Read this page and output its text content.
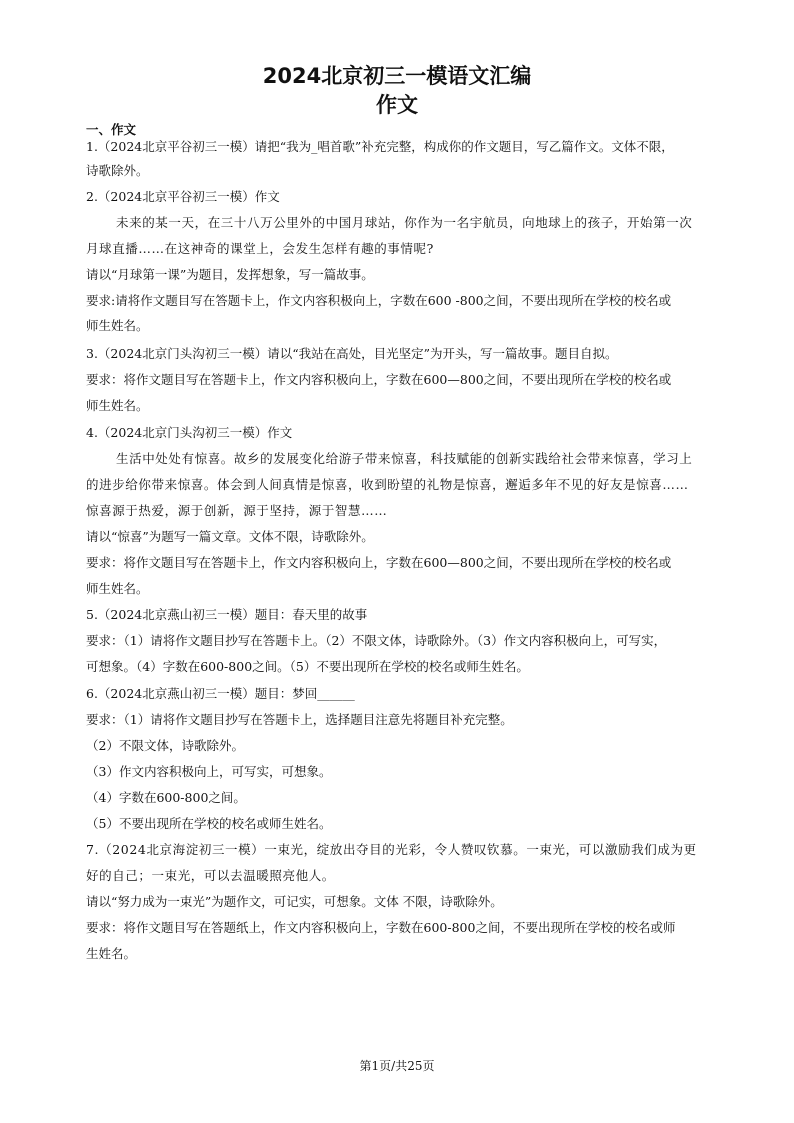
2024北京初三一模语文汇编
作文

一、作文

1.（2024北京平谷初三一模）请把“我为_唱首歌”补充完整，构成你的作文题目，写乙篇作文。文体不限，

诗歌除外。

2.（2024北京平谷初三一模）作文

未来的某一天，在三十八万公里外的中国月球站，你作为一名宇航员，向地球上的孩子，开始第一次

月球直播……在这神奇的课堂上，会发生怎样有趣的事情呢?

请以“月球第一课”为题目，发挥想象，写一篇故事。

要求:请将作文题目写在答题卡上，作文内容积极向上，字数在600 -800之间，不要出现所在学校的校名或

师生姓名。

3.（2024北京门头沟初三一模）请以“我站在高处，目光坚定”为开头，写一篇故事。题目自拟。

要求：将作文题目写在答题卡上，作文内容积极向上，字数在600—800之间，不要出现所在学校的校名或

师生姓名。

4.（2024北京门头沟初三一模）作文

生活中处处有惊喜。故乡的发展变化给游子带来惊喜，科技赋能的创新实践给社会带来惊喜，学习上

的进步给你带来惊喜。体会到人间真情是惊喜，收到盼望的礼物是惊喜，邂逅多年不见的好友是惊喜……

惊喜源于热爱，源于创新，源于坚持，源于智慧……

请以“惊喜”为题写一篇文章。文体不限，诗歌除外。

要求：将作文题目写在答题卡上，作文内容积极向上，字数在600—800之间，不要出现所在学校的校名或

师生姓名。

5.（2024北京燕山初三一模）题目：春天里的故事

要求：（1）请将作文题目抄写在答题卡上。（2）不限文体，诗歌除外。（3）作文内容积极向上，可写实，

可想象。（4）字数在600-800之间。（5）不要出现所在学校的校名或师生姓名。

6.（2024北京燕山初三一模）题目：梦回______

要求：（1）请将作文题目抄写在答题卡上，选择题目注意先将题目补充完整。

（2）不限文体，诗歌除外。

（3）作文内容积极向上，可写实，可想象。

（4）字数在600-800之间。

（5）不要出现所在学校的校名或师生姓名。

7.（2024北京海淀初三一模）一束光，绽放出夺目的光彩，令人赞叹钦慕。一束光，可以激励我们成为更

好的自己；一束光，可以去温暖照亮他人。

请以“努力成为一束光”为题作文，可记实，可想象。文体 不限，诗歌除外。

要求：将作文题目写在答题纸上，作文内容积极向上，字数在600-800之间，不要出现所在学校的校名或师

生姓名。

第1页/共25页
